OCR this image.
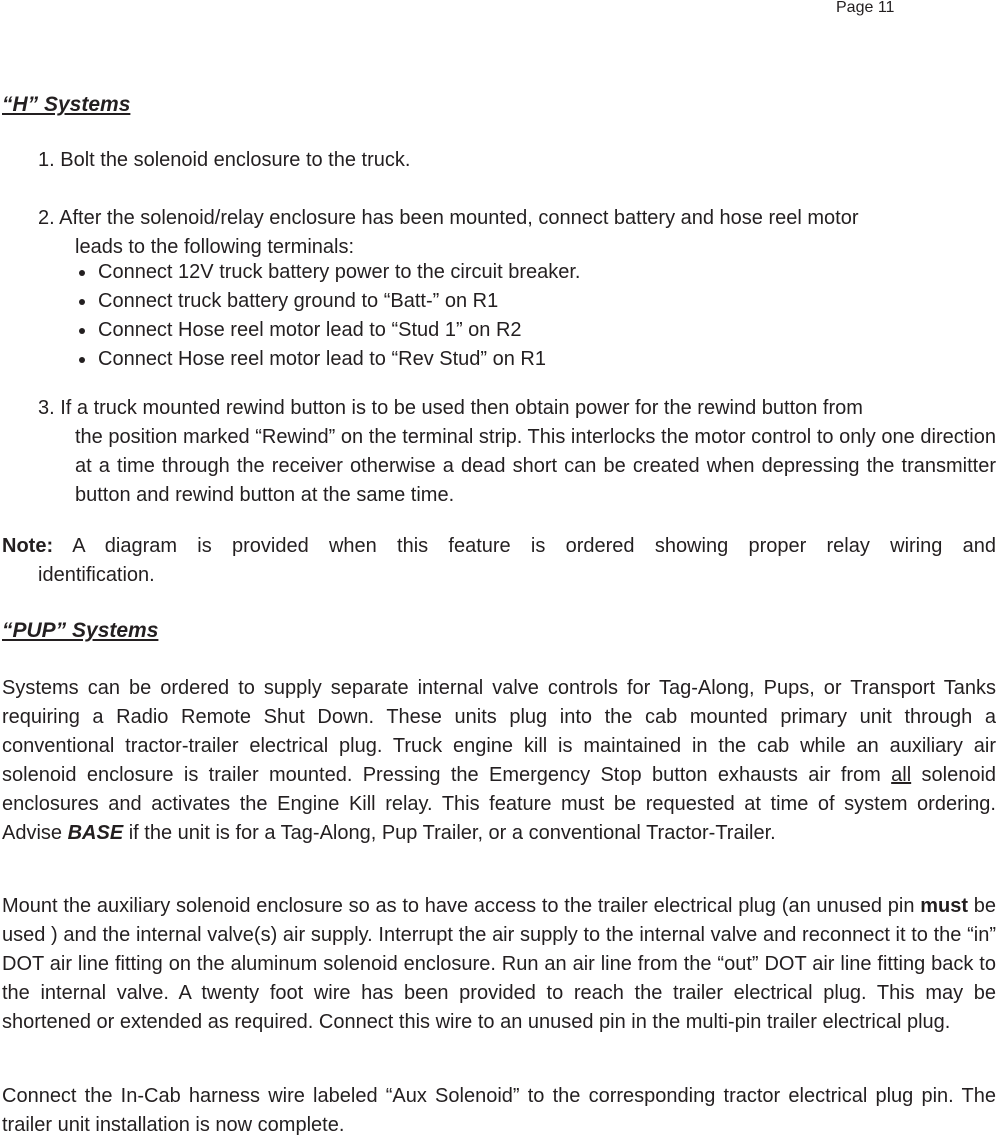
Page 11
“H” Systems
1. Bolt the solenoid enclosure to the truck.
2. After the solenoid/relay enclosure has been mounted, connect battery and hose reel motor
leads to the following terminals:
Connect 12V truck battery power to the circuit breaker.
Connect truck battery ground to “Batt-” on R1
Connect Hose reel motor lead to “Stud 1” on R2
Connect Hose reel motor lead to “Rev Stud” on R1
3. If a truck mounted rewind button is to be used then obtain power for the rewind button from
the position marked “Rewind” on the terminal strip. This interlocks the motor control to only one direction at a time through the receiver otherwise a dead short can be created when depressing the transmitter button and rewind button at the same time.
Note: A diagram is provided when this feature is ordered showing proper relay wiring and
identification.
“PUP” Systems

Systems can be ordered to supply separate internal valve controls for Tag-Along, Pups, or Transport Tanks requiring a Radio Remote Shut Down. These units plug into the cab mounted primary unit through a conventional tractor-trailer electrical plug. Truck engine kill is maintained in the cab while an auxiliary air solenoid enclosure is trailer mounted. Pressing the Emergency Stop button exhausts air from all solenoid enclosures and activates the Engine Kill relay. This feature must be requested at time of system ordering. Advise BASE if the unit is for a Tag-Along, Pup Trailer, or a conventional Tractor-Trailer.

Mount the auxiliary solenoid enclosure so as to have access to the trailer electrical plug (an unused pin must be used ) and the internal valve(s) air supply. Interrupt the air supply to the internal valve and reconnect it to the “in” DOT air line fitting on the aluminum solenoid enclosure. Run an air line from the “out” DOT air line fitting back to the internal valve. A twenty foot wire has been provided to reach the trailer electrical plug. This may be shortened or extended as required. Connect this wire to an unused pin in the multi-pin trailer electrical plug.

Connect the In-Cab harness wire labeled “Aux Solenoid” to the corresponding tractor electrical plug pin. The trailer unit installation is now complete.
